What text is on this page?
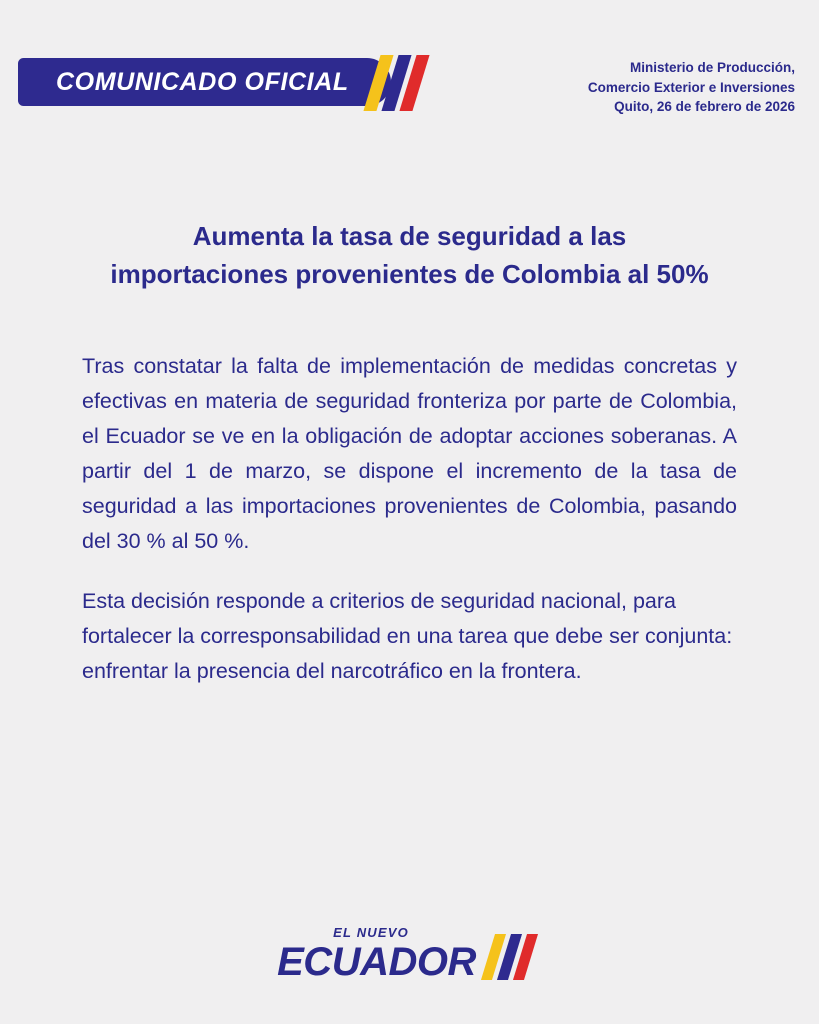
COMUNICADO OFICIAL	Ministerio de Producción,
Comercio Exterior e Inversiones
Quito, 26 de febrero de 2026
Aumenta la tasa de seguridad a las importaciones provenientes de Colombia al 50%

Tras constatar la falta de implementación de medidas concretas y efectivas en materia de seguridad fronteriza por parte de Colombia, el Ecuador se ve en la obligación de adoptar acciones soberanas. A partir del 1 de marzo, se dispone el incremento de la tasa de seguridad a las importaciones provenientes de Colombia, pasando del 30 % al 50 %.

Esta decisión responde a criterios de seguridad nacional, para fortalecer la corresponsabilidad en una tarea que debe ser conjunta: enfrentar la presencia del narcotráfico en la frontera.

EL NUEVO
ECUADOR
